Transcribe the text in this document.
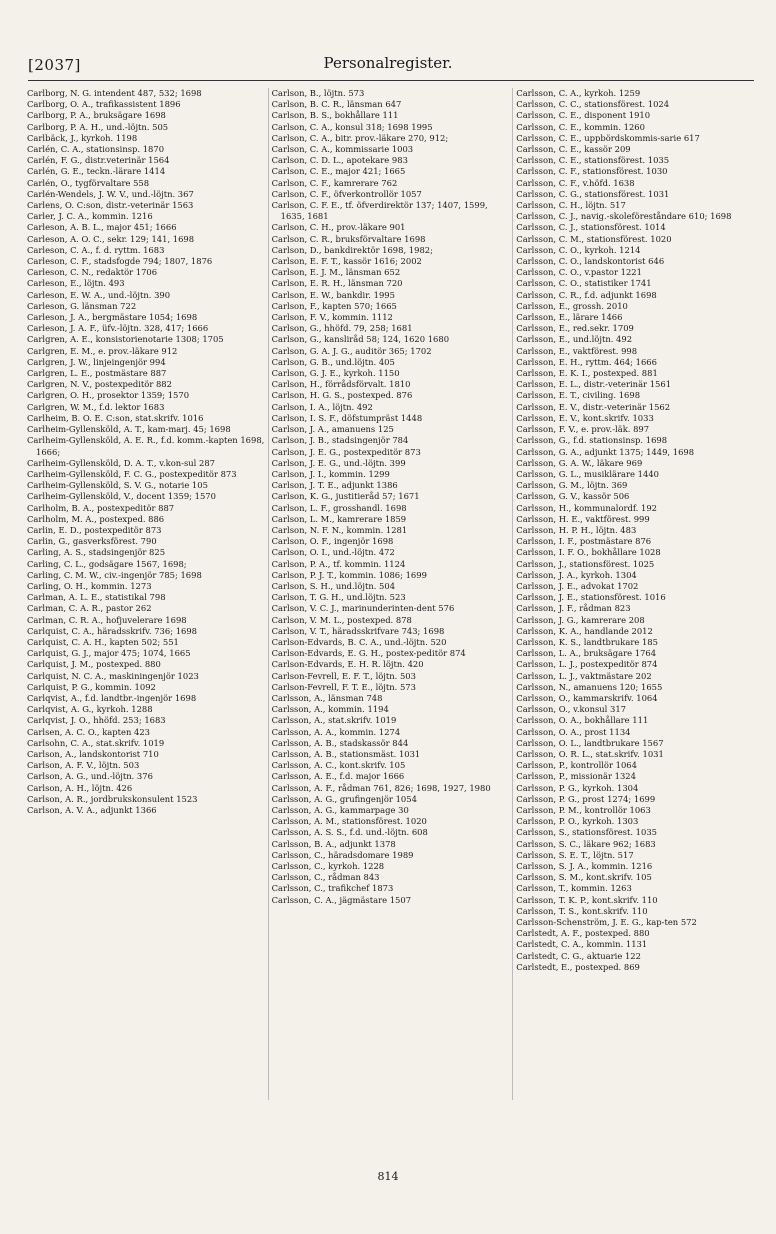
[2037]	Personalregister.
Carlborg, N. G. intendent 487, 532; 1698
Carlborg, O. A., trafikassistent 1896
Carlborg, P. A., bruksägare 1698
Carlborg, P. A. H., und.-löjtn. 505
Carlbäck, J., kyrkoh. 1198
Carlén, C. A., stationsinsp. 1870
Carlén, F. G., distr.veterinär 1564
Carlén, G. E., teckn.-lärare 1414
Carlén, O., tygförvaltare 558
Carlén-Wendels, J. W. V., und.-löjtn. 367
Carlens, O. C:son, distr.-veterinär 1563
Carler, J. C. A., kommin. 1216
Carleson, A. B. L., major 451; 1666
Carleson, A. O. C., sekr. 129; 141, 1698
Carleson, C. A., f. d. ryttm. 1683
Carleson, C. F., stadsfogde 794; 1807, 1876
Carleson, C. N., redaktör 1706
Carleson, E., löjtn. 493
Carleson, E. W. A., und.-löjtn. 390
Carleson, G. länsman 722
Carleson, J. A., bergmästare 1054; 1698
Carleson, J. A. F., üfv.-löjtn. 328, 417; 1666
Carlgren, A. E., konsistorienotarie 1308; 1705
Carlgren, E. M., e. prov.-läkare 912
Carlgren, J. W., linjeingenjör 994
Carlgren, L. E., postmästare 887
Carlgren, N. V., postexpeditör 882
Carlgren, O. H., prosektor 1359; 1570
Carlgren, W. M., f.d. lektor 1683
Carlheim, B. O. E. C:son, stat.skrifv. 1016
Carlheim-Gyllensköld, A. T., kam-marj. 45; 1698
Carlheim-Gyllensköld, A. E. R., f.d. komm.-kapten 1698, 1666;
Carlheim-Gyllensköld, D. A. T., v.kon-sul 287
Carlheim-Gyllensköld, F. C. G., postexpeditör 873
Carlheim-Gyllensköld, S. V. G., notarie 105
Carlheim-Gyllensköld, V., docent 1359; 1570
Carlholm, B. A., postexpeditör 887
Carlholm, M. A., postexped. 886
Carlin, E. D., postexpeditör 873
Carlin, G., gasverksförest. 790
Carling, A. S., stadsingenjör 825
Carling, C. L., godsägare 1567, 1698;
Carling, C. M. W., civ.-ingenjör 785; 1698
Carling, O. H., kommin. 1273
Carlman, A. L. E., statistikal 798
Carlman, C. A. R., pastor 262
Carlman, C. R. A., hofjuvelerare 1698
Carlquist, C. A., häradsskrifv. 736; 1698
Carlquist, C. A. H., kapten 502; 551
Carlquist, G. J., major 475; 1074, 1665
Carlquist, J. M., postexped. 880
Carlquist, N. C. A., maskiningenjör 1023
Carlquist, P. G., kommin. 1092
Carlqvist, A., f.d. landtbr.-ingenjör 1698
Carlqvist, A. G., kyrkoh. 1288
Carlqvist, J. O., hhöfd. 253; 1683
Carlsen, A. C. O., kapten 423
Carlsohn, C. A., stat.skrifv. 1019
Carlson, A., landskontorist 710
Carlson, A. F. V., löjtn. 503
Carlson, A. G., und.-löjtn. 376
Carlson, A. H., löjtn. 426
Carlson, A. R., jordbrukskonsulent 1523
Carlson, A. V. A., adjunkt 1366
Carlson, B., löjtn. 573
Carlson, B. C. R., länsman 647
Carlson, B. S., bokhållare 111
Carlson, C. A., konsul 318; 1698 1995
Carlson, C. A., bitr. prov.-läkare 270, 912;
Carlson, C. A., kommissarie 1003
Carlson, C. D. L., apotekare 983
Carlson, C. E., major 421; 1665
Carlson, C. F., kamrerare 762
Carlson, C. F., öfverkontrollör 1057
Carlson, C. F. E., tf. öfverdirektör 137; 1407, 1599, 1635, 1681
Carlson, C. H., prov.-läkare 901
Carlson, C. R., bruksförvaltare 1698
Carlson, D., bankdirektör 1698, 1982;
Carlson, E. F. T., kassör 1616; 2002
Carlson, E. J. M., länsman 652
Carlson, E. R. H., länsman 720
Carlson, E. W., bankdir. 1995
Carlson, F., kapten 570; 1665
Carlson, F. V., kommin. 1112
Carlson, G., hhöfd. 79, 258; 1681
Carlson, G., kansliråd 58; 124, 1620 1680
Carlson, G. A. J. G., auditör 365; 1702
Carlson, G. B., und.löjtn. 405
Carlson, G. J. E., kyrkoh. 1150
Carlson, H., förrådsförvalt. 1810
Carlson, H. G. S., postexped. 876
Carlson, I. A., löjtn. 492
Carlson, I. S. F., döfstumpräst 1448
Carlson, J. A., amanuens 125
Carlson, J. B., stadsingenjör 784
Carlson, J. E. G., postexpeditör 873
Carlson, J. E. G., und.-löjtn. 399
Carlson, J. I., kommin. 1299
Carlson, J. T. E., adjunkt 1386
Carlson, K. G., justitieråd 57; 1671
Carlson, L. F., grosshandl. 1698
Carlson, L. M., kamrerare 1859
Carlson, N. F. N., kommin. 1281
Carlson, O. F., ingenjör 1698
Carlson, O. I., und.-löjtn. 472
Carlson, P. A., tf. kommin. 1124
Carlson, P. J. T., kommin. 1086; 1699
Carlson, S. H., und.löjtn. 504
Carlson, T. G. H., und.löjtn. 523
Carlson, V. C. J., marinunderinten-dent 576
Carlson, V. M. L., postexped. 878
Carlson, V. T., häradsskrifvare 743; 1698
Carlson-Edvards, B. C. A., und.-löjtn. 520
Carlson-Edvards, E. G. H., postex-peditör 874
Carlson-Edvards, E. H. R. löjtn. 420
Carlson-Fevrell, E. F. T., löjtn. 503
Carlson-Fevrell, F. T. E., löjtn. 573
Carlsson, A., länsman 748
Carlsson, A., kommin. 1194
Carlsson, A., stat.skrifv. 1019
Carlsson, A. A., kommin. 1274
Carlsson, A. B., stadskassör 844
Carlsson, A. B., stationsmäst. 1031
Carlsson, A. C., kont.skrifv. 105
Carlsson, A. E., f.d. major 1666
Carlsson, A. F., rådman 761, 826; 1698, 1927, 1980
Carlsson, A. G., grufingenjör 1054
Carlsson, A. G., kammarpage 30
Carlsson, A. M., stationsförest. 1020
Carlsson, A. S. S., f.d. und.-löjtn. 608
Carlsson, B. A., adjunkt 1378
Carlsson, C., häradsdomare 1989
Carlsson, C., kyrkoh. 1228
Carlsson, C., rådman 843
Carlsson, C., trafikchef 1873
Carlsson, C. A., jägmästare 1507
Carlsson, C. A., kyrkoh. 1259
Carlsson, C. C., stationsförest. 1024
Carlsson, C. E., disponent 1910
Carlsson, C. E., kommin. 1260
Carlsson, C. E., uppbördskommis-sarie 617
Carlsson, C. E., kassör 209
Carlsson, C. E., stationsförest. 1035
Carlsson, C. F., stationsförest. 1030
Carlsson, C. F., v.höfd. 1638
Carlsson, C. G., stationsförest. 1031
Carlsson, C. H., löjtn. 517
Carlsson, C. J., navig.-skoleföreståndare 610; 1698
Carlsson, C. J., stationsförest. 1014
Carlsson, C. M., stationsförest. 1020
Carlsson, C. O., kyrkoh. 1214
Carlsson, C. O., landskontorist 646
Carlsson, C. O., v.pastor 1221
Carlsson, C. O., statistiker 1741
Carlsson, C. R., f.d. adjunkt 1698
Carlsson, E., grossh. 2010
Carlsson, E., lärare 1466
Carlsson, E., red.sekr. 1709
Carlsson, E., und.löjtn. 492
Carlsson, E., vaktförest. 998
Carlsson, E. H., ryttm. 464; 1666
Carlsson, E. K. I., postexped. 881
Carlsson, E. L., distr.-veterinär 1561
Carlsson, E. T., civiling. 1698
Carlsson, E. V., distr.-veterinär 1562
Carlsson, E. V., kont.skrifv. 1033
Carlsson, F. V., e. prov.-läk. 897
Carlsson, G., f.d. stationsinsp. 1698
Carlsson, G. A., adjunkt 1375; 1449, 1698
Carlsson, G. A. W., läkare 969
Carlsson, G. L., musiklärare 1440
Carlsson, G. M., löjtn. 369
Carlsson, G. V., kassör 506
Carlsson, H., kommunalordf. 192
Carlsson, H. E., vaktförest. 999
Carlsson, H. P. H., löjtn. 483
Carlsson, I. F., postmästare 876
Carlsson, I. F. O., bokhållare 1028
Carlsson, J., stationsförest. 1025
Carlsson, J. A., kyrkoh. 1304
Carlsson, J. E., advokat 1702
Carlsson, J. E., stationsförest. 1016
Carlsson, J. F., rådman 823
Carlsson, J. G., kamrerare 208
Carlsson, K. A., handlande 2012
Carlsson, K. S., landtbrukare 185
Carlsson, L. A., bruksägare 1764
Carlsson, L. J., postexpeditör 874
Carlsson, L. J., vaktmästare 202
Carlsson, N., amanuens 120; 1655
Carlsson, O., kammarskrifv. 1064
Carlsson, O., v.konsul 317
Carlsson, O. A., bokhållare 111
Carlsson, O. A., prost 1134
Carlsson, O. L., landtbrukare 1567
Carlsson, O. R. L., stat.skrifv. 1031
Carlsson, P., kontrollör 1064
Carlsson, P., missionär 1324
Carlsson, P. G., kyrkoh. 1304
Carlsson, P. G., prost 1274; 1699
Carlsson, P. M., kontrollör 1063
Carlsson, P. O., kyrkoh. 1303
Carlsson, S., stationsförest. 1035
Carlsson, S. C., läkare 962; 1683
Carlsson, S. E. T., löjtn. 517
Carlsson, S. J. A., kommin. 1216
Carlsson, S. M., kont.skrifv. 105
Carlsson, T., kommin. 1263
Carlsson, T. K. P., kont.skrifv. 110
Carlsson, T. S., kont.skrifv. 110
Carlsson-Schenström, J. E. G., kap-ten 572
Carlstedt, A. F., postexped. 880
Carlstedt, C. A., kommin. 1131
Carlstedt, C. G., aktuarie 122
Carlstedt, E., postexped. 869
814
